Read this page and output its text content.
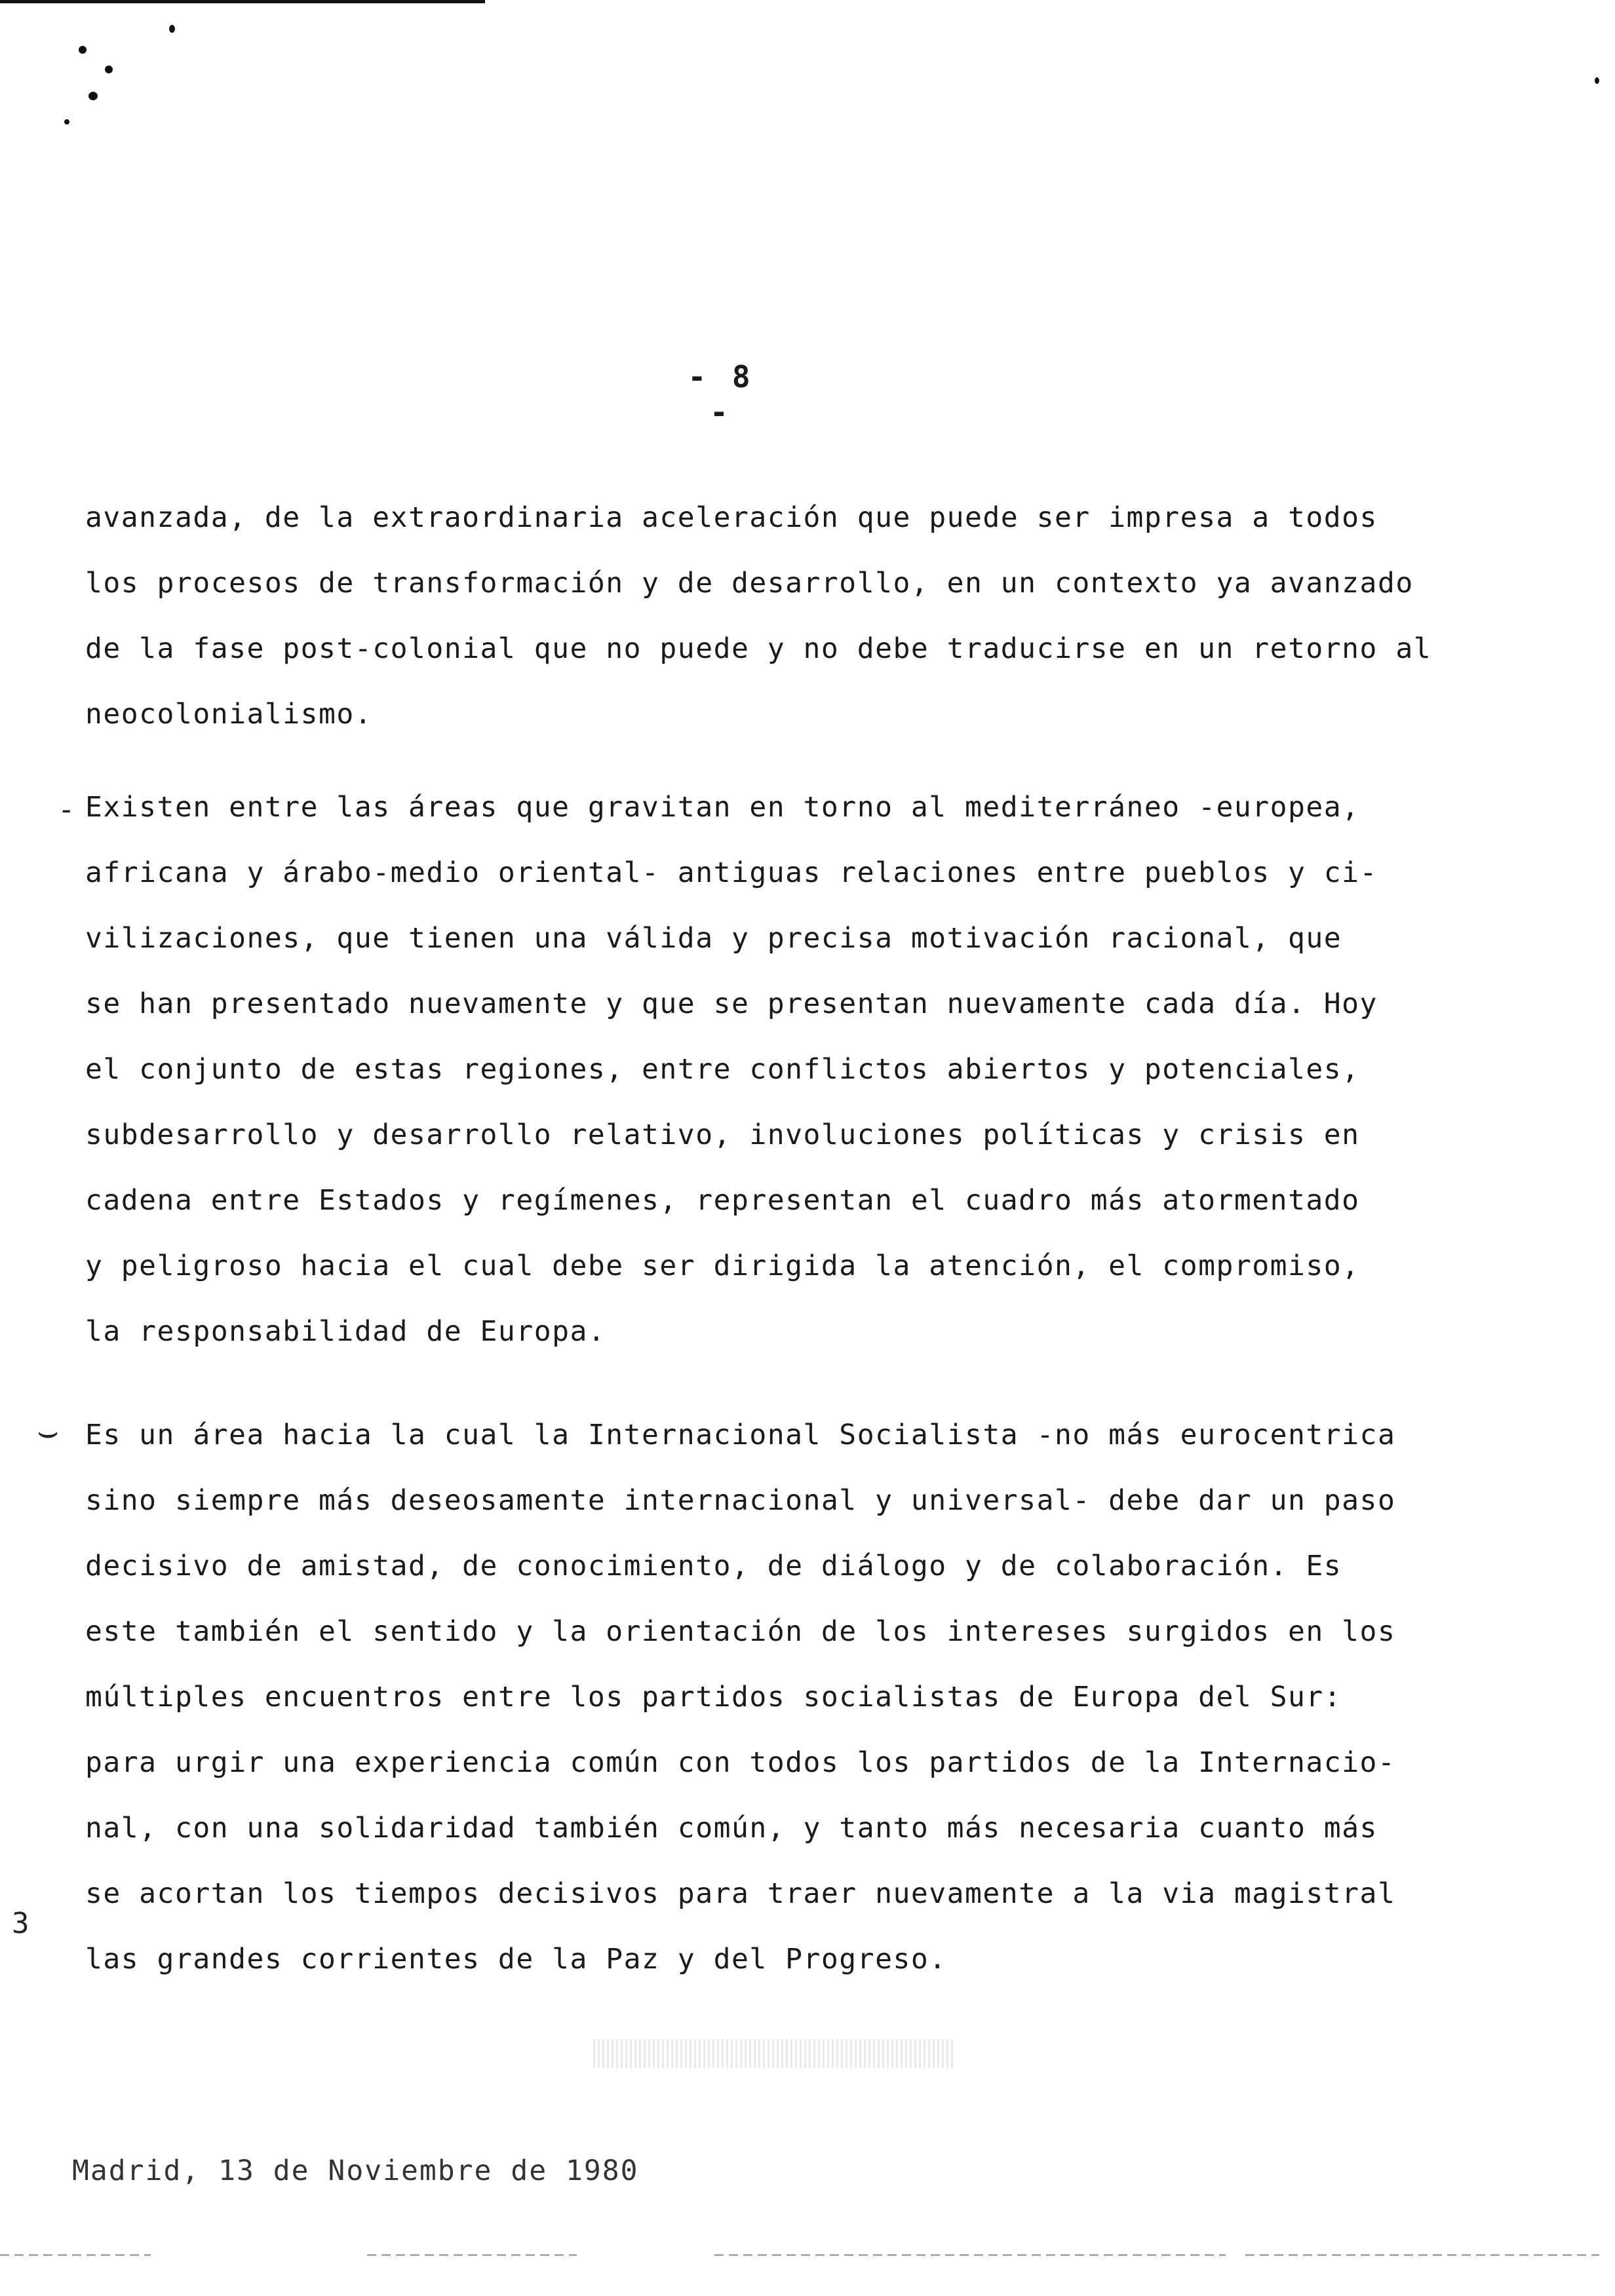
- 8 -
-
⌣
3
avanzada, de la extraordinaria aceleración que puede ser impresa a todos
los procesos de transformación y de desarrollo, en un contexto ya avanzado
de la fase post-colonial que no puede y no debe traducirse en un retorno al
neocolonialismo.
Existen entre las áreas que gravitan en torno al mediterráneo -europea,
africana y árabo-medio oriental- antiguas relaciones entre pueblos y ci-
vilizaciones, que tienen una válida y precisa motivación racional, que
se han presentado nuevamente y que se presentan nuevamente cada día. Hoy
el conjunto de estas regiones, entre conflictos abiertos y potenciales,
subdesarrollo y desarrollo relativo, involuciones políticas y crisis en
cadena entre Estados y regímenes, representan el cuadro más atormentado
y peligroso hacia el cual debe ser dirigida la atención, el compromiso,
la responsabilidad de Europa.
Es un área hacia la cual la Internacional Socialista -no más eurocentrica
sino siempre más deseosamente internacional y universal- debe dar un paso
decisivo de amistad, de conocimiento, de diálogo y de colaboración. Es
este también el sentido y la orientación de los intereses surgidos en los
múltiples encuentros entre los partidos socialistas de Europa del Sur:
para urgir una experiencia común con todos los partidos de la Internacio-
nal, con una solidaridad también común, y tanto más necesaria cuanto más
se acortan los tiempos decisivos para traer nuevamente a la via magistral
las grandes corrientes de la Paz y del Progreso.
Madrid, 13 de Noviembre de 1980
